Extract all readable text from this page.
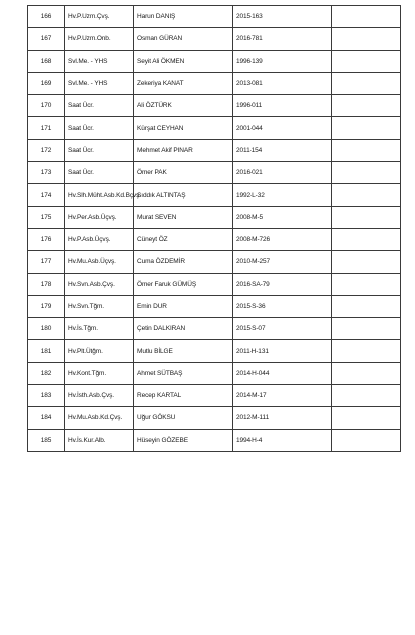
166	Hv.P.Uzm.Çvş.	Harun DANIŞ	2015-163	
167	Hv.P.Uzm.Onb.	Osman GÜRAN	2016-781	
168	Svl.Me. - YHS	Seyit Ali ÖKMEN	1996-139	
169	Svl.Me. - YHS	Zekeriya KANAT	2013-081	
170	Saat Ücr.	Ali ÖZTÜRK	1996-011	
171	Saat Ücr.	Kürşat CEYHAN	2001-044	
172	Saat Ücr.	Mehmet Akif PINAR	2011-154	
173	Saat Ücr.	Ömer PAK	2016-021	
174	Hv.Slh.Müht.Asb.Kd.Bçvş.	Sıddık ALTINTAŞ	1992-L-32	
175	Hv.Per.Asb.Üçvş.	Murat SEVEN	2008-M-5	
176	Hv.P.Asb.Üçvş.	Cüneyt ÖZ	2008-M-726	
177	Hv.Mu.Asb.Üçvş.	Cuma ÖZDEMİR	2010-M-257	
178	Hv.Svn.Asb.Çvş.	Ömer Faruk GÜMÜŞ	2016-SA-79	
179	Hv.Svn.Tğm.	Emin DUR	2015-S-36	
180	Hv.İs.Tğm.	Çetin DALKIRAN	2015-S-07	
181	Hv.Plt.Ütğm.	Mutlu BİLGE	2011-H-131	
182	Hv.Kont.Tğm.	Ahmet SÜTBAŞ	2014-H-044	
183	Hv.İsth.Asb.Çvş.	Recep KARTAL	2014-M-17	
184	Hv.Mu.Asb.Kd.Çvş.	Uğur GÖKSU	2012-M-111	
185	Hv.İs.Kur.Alb.	Hüseyin GÖZEBE	1994-H-4	
